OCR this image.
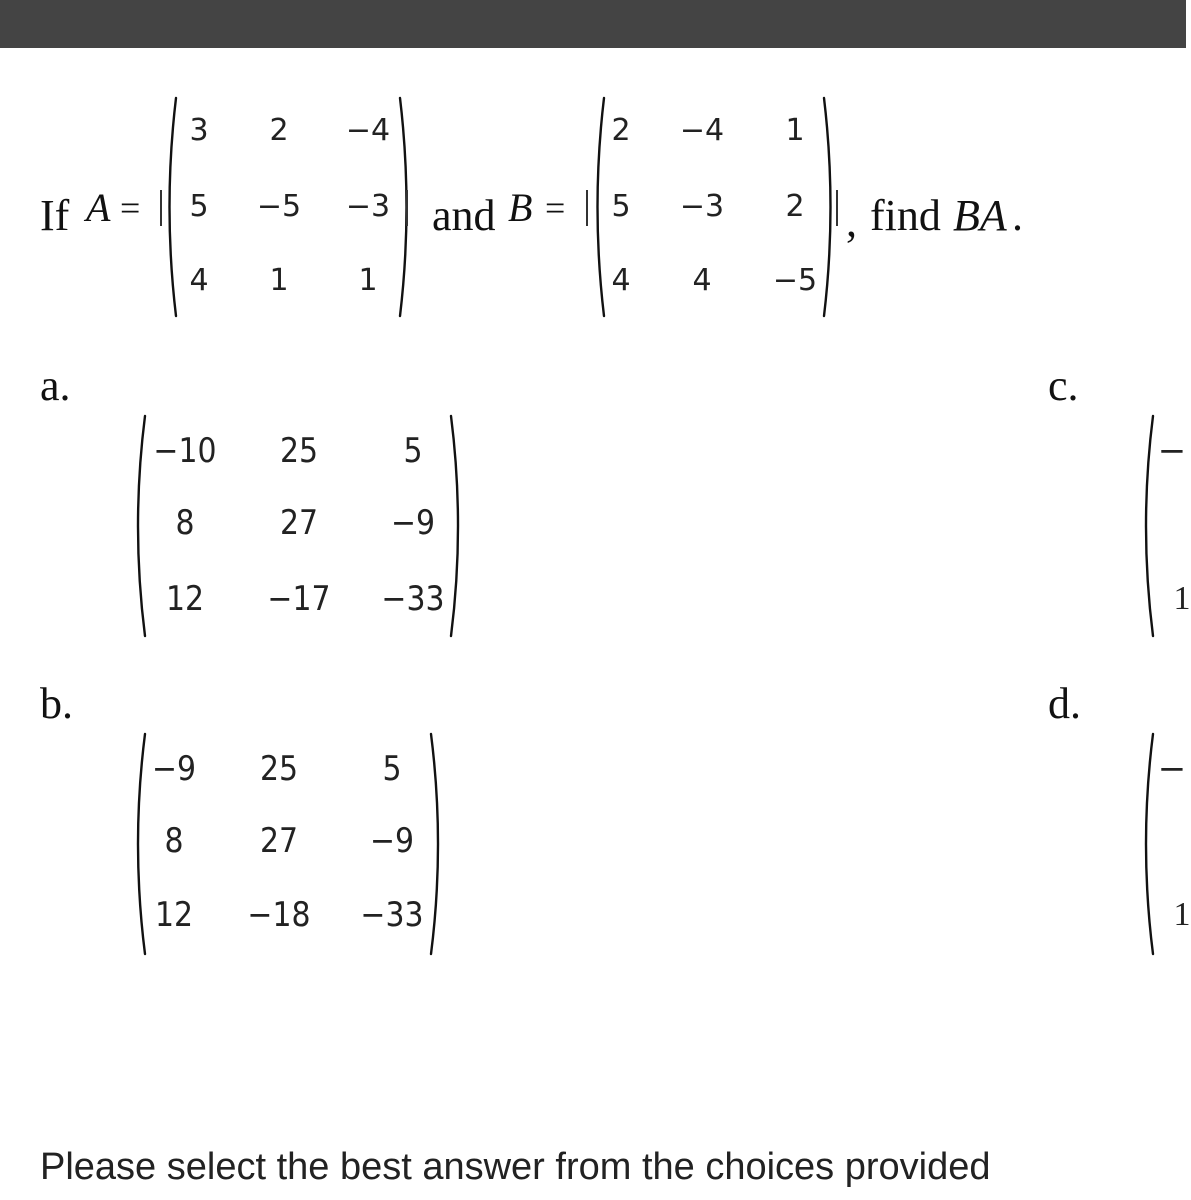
If A =
3 2 −4
5 −5 −3
4 1 1
and B =
2 −4 1
5 −3 2
4 4 −5
, find BA .
a.
−10 25	5
8	27 −9
12 −17 −33
b.
−9 25 5
8 27 −9
12 −18 −33
c.
−
1
d.
−
1
Please select the best answer from the choices provided
